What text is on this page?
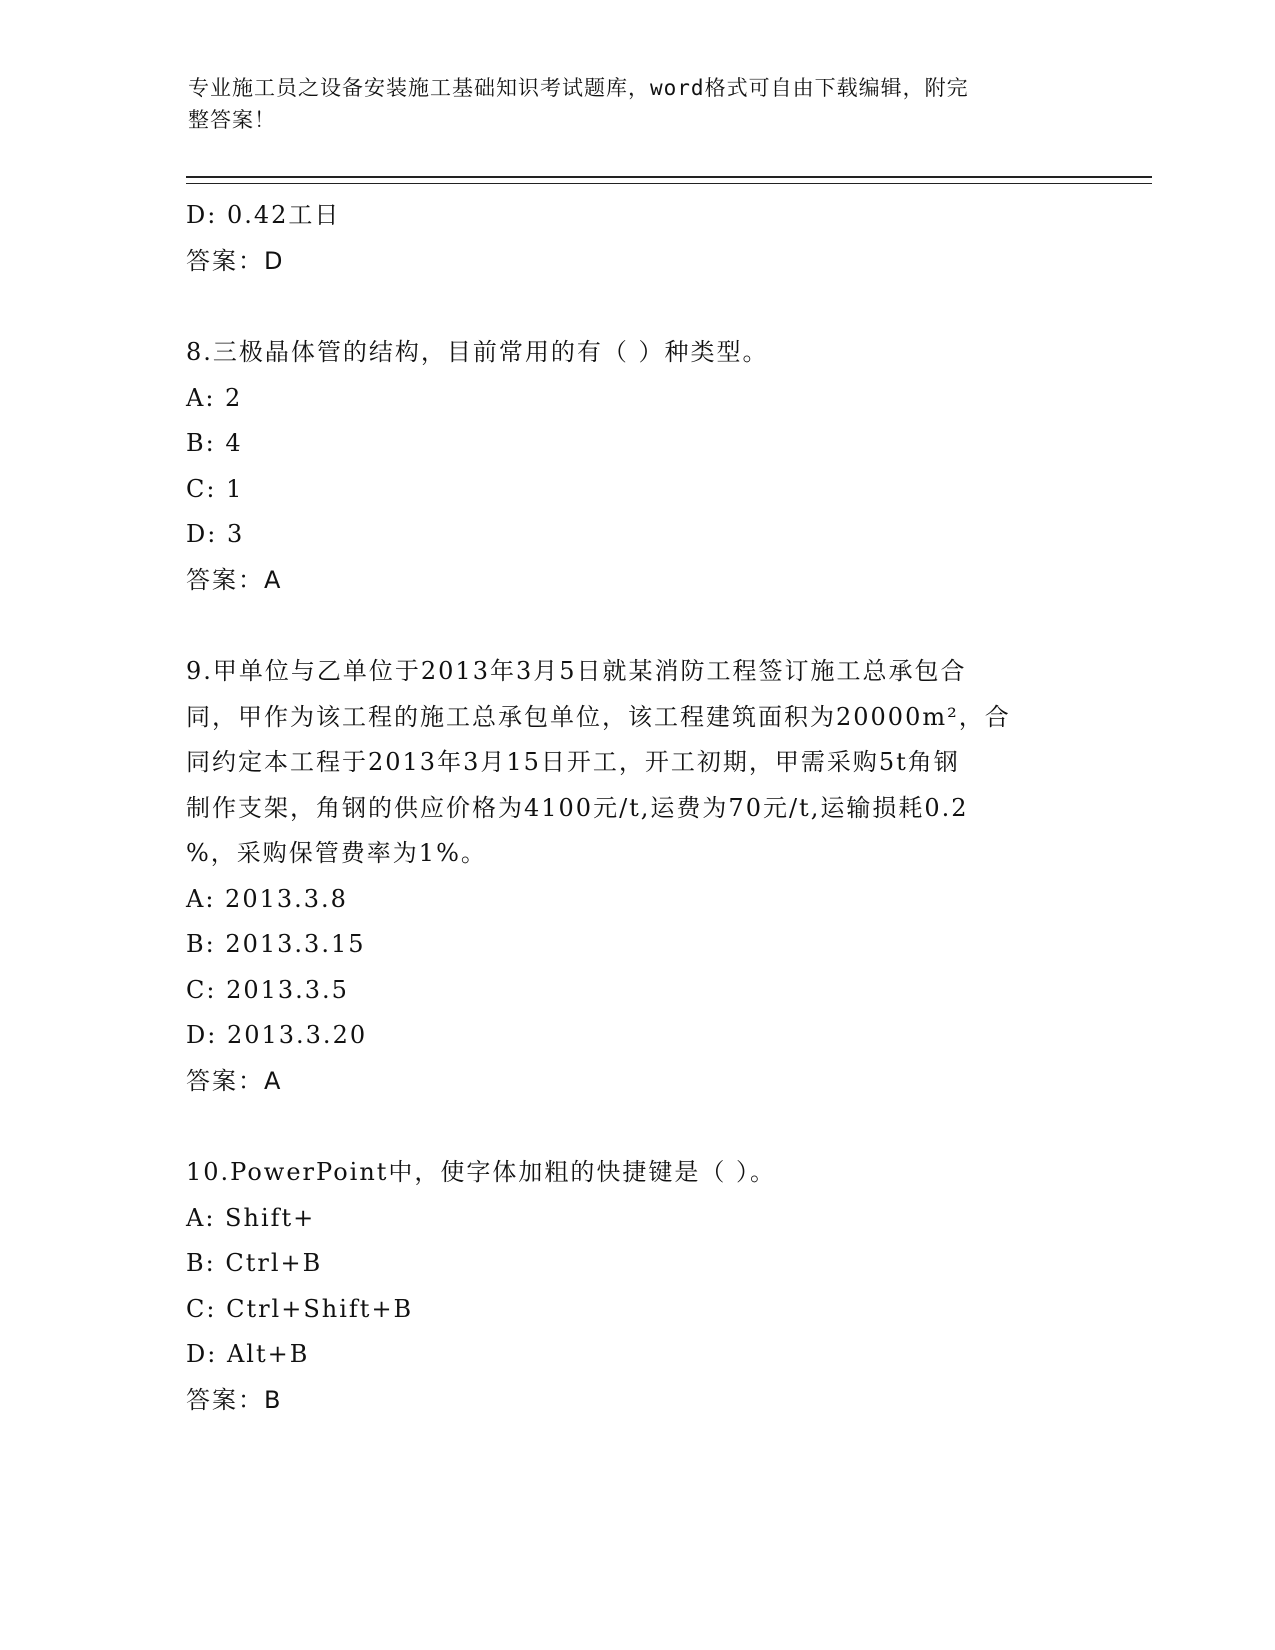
专业施工员之设备安装施工基础知识考试题库，word格式可自由下载编辑，附完
整答案！
D: 0.42工日
答案：D
8.三极晶体管的结构，目前常用的有（ ）种类型。
A: 2
B: 4
C: 1
D: 3
答案：A
9.甲单位与乙单位于2013年3月5日就某消防工程签订施工总承包合
同，甲作为该工程的施工总承包单位，该工程建筑面积为20000m²，合
同约定本工程于2013年3月15日开工，开工初期，甲需采购5t角钢
制作支架，角钢的供应价格为4100元/t,运费为70元/t,运输损耗0.2
%，采购保管费率为1%。
A: 2013.3.8
B: 2013.3.15
C: 2013.3.5
D: 2013.3.20
答案：A
10.PowerPoint中，使字体加粗的快捷键是（ ）。
A: Shift+
B: Ctrl+B
C: Ctrl+Shift+B
D: Alt+B
答案：B
